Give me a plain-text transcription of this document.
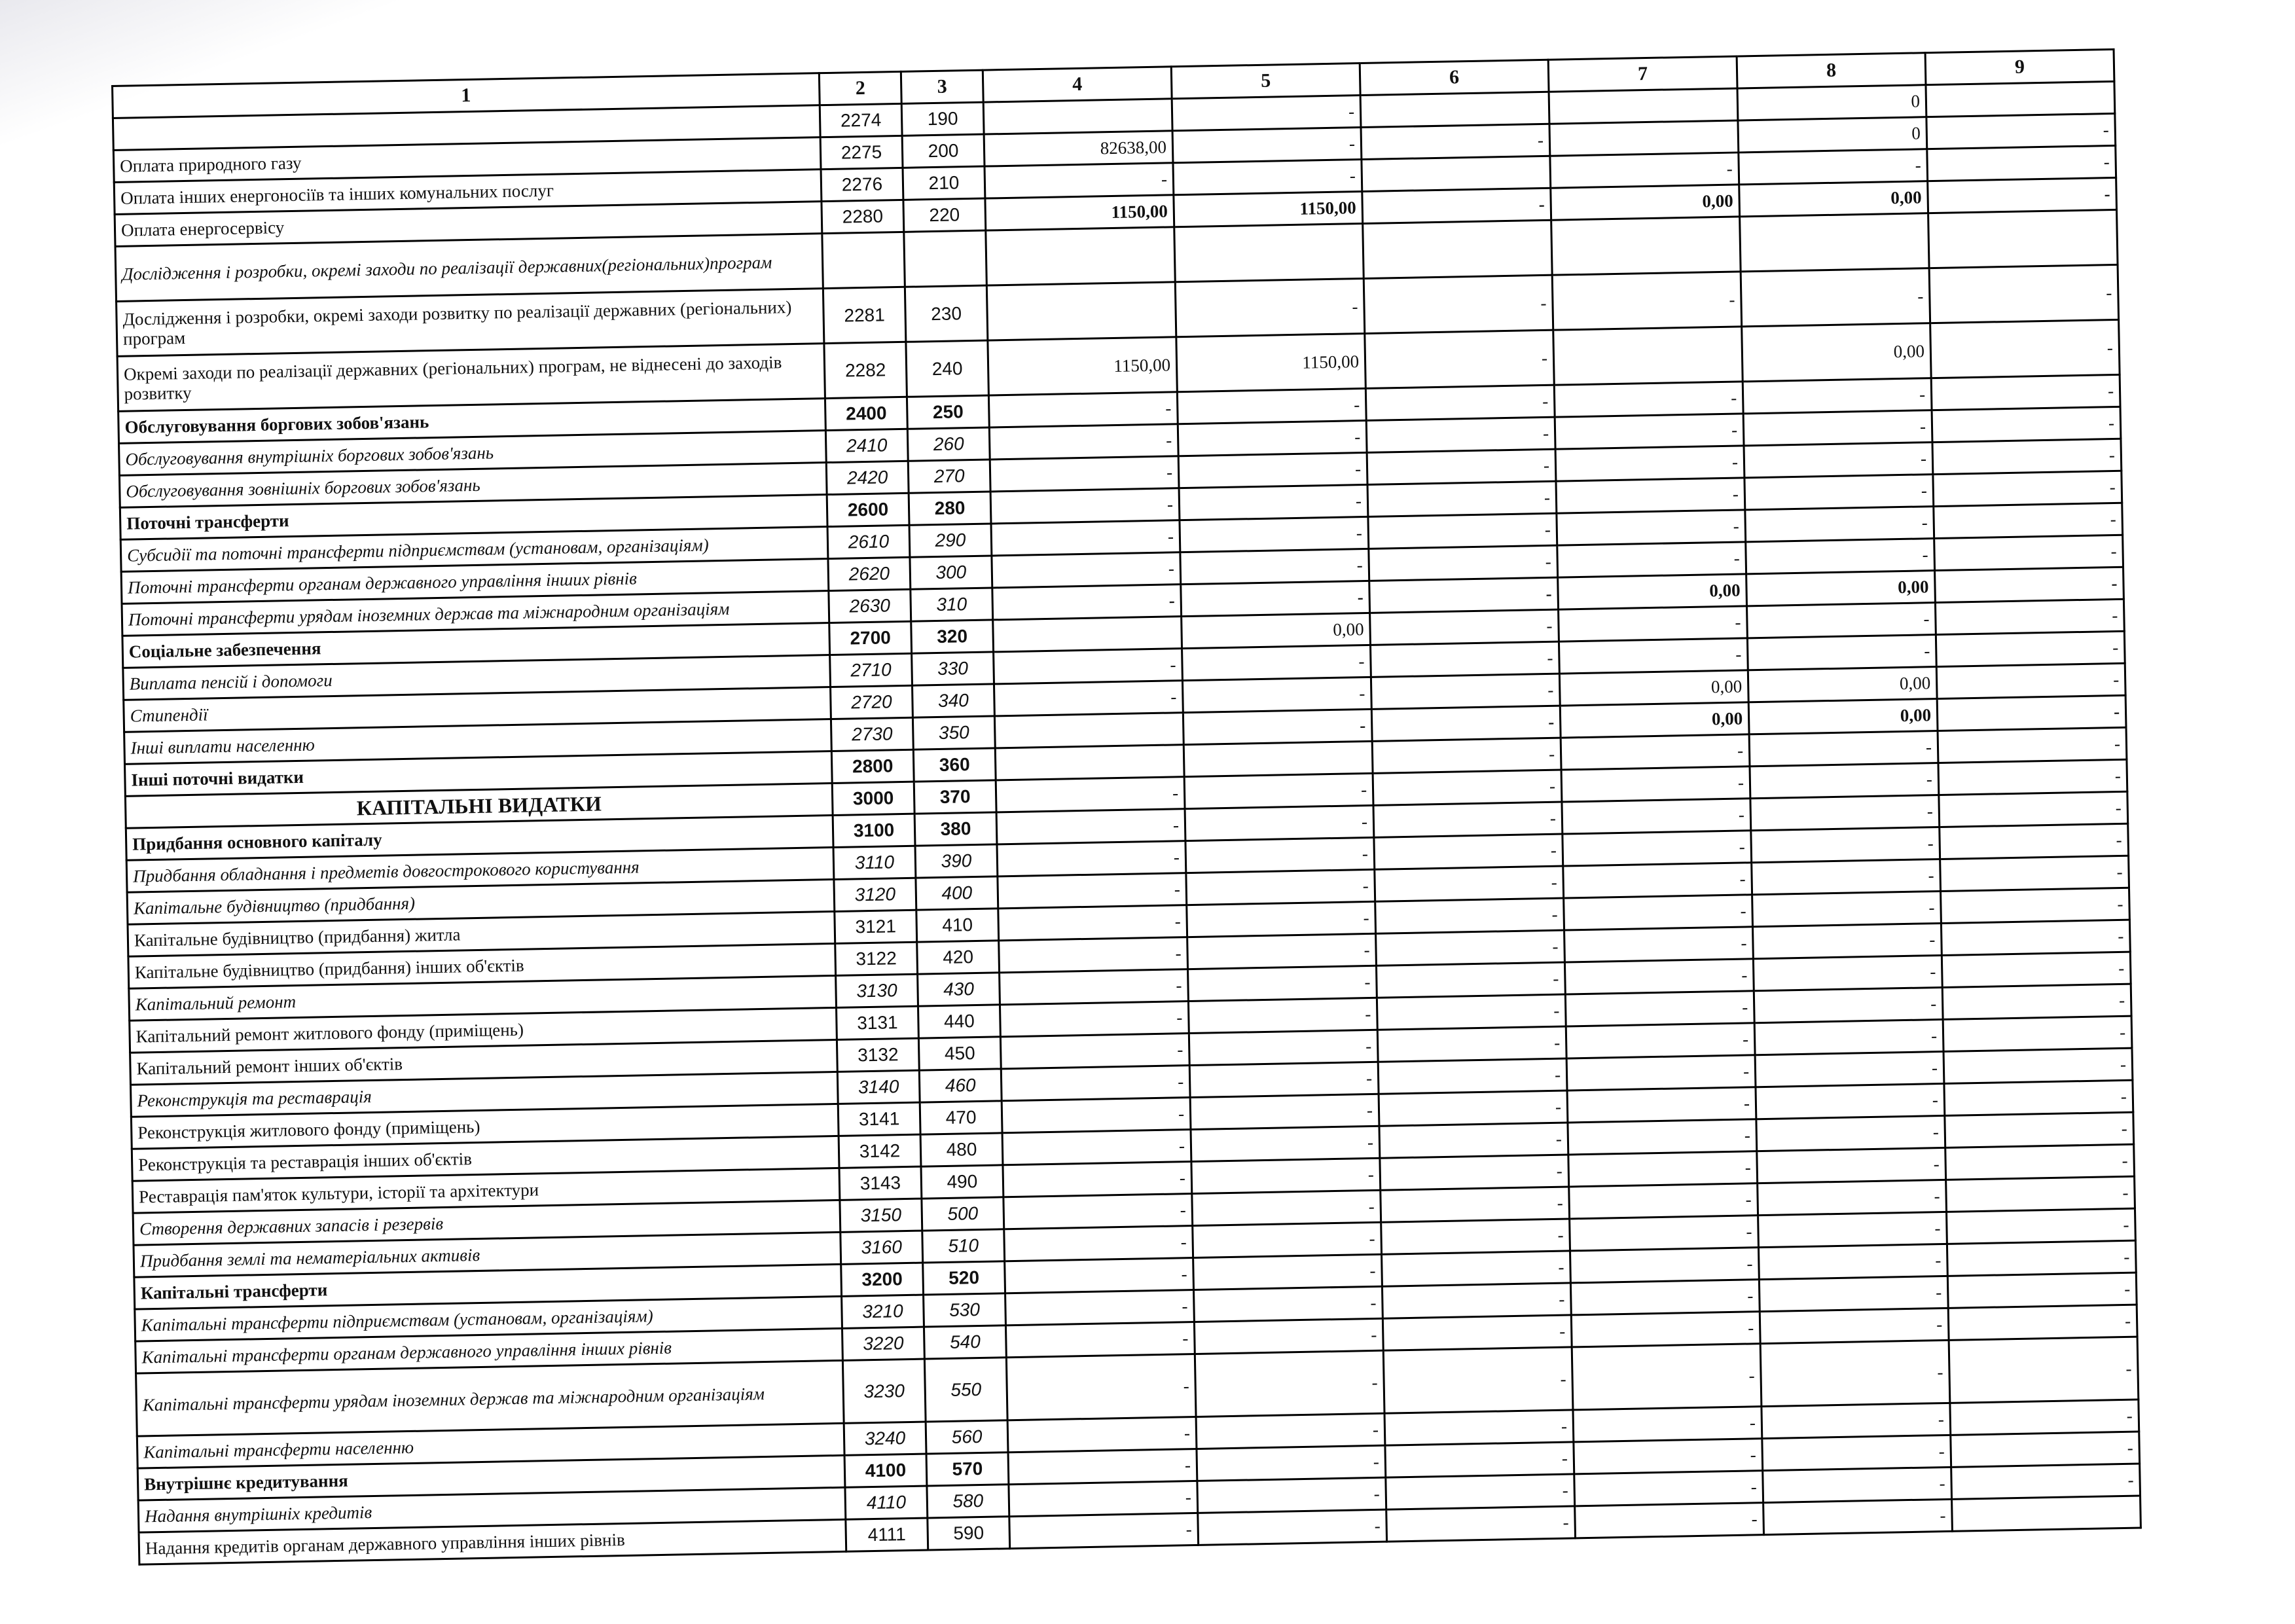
1	2	3	4	5	6	7	8	9
	2274	190		-			0	
Оплата природного газу	2275	200	82638,00	-	-		0	-
Оплата інших енергоносіїв та інших комунальних послуг	2276	210	-	-		-	-	-
Оплата енергосервісу	2280	220	1150,00	1150,00	-	0,00	0,00	-
Дослідження і розробки, окремі заходи по реалізації державних(регіональних)програм								
Дослідження і розробки, окремі заходи розвитку по реалізації державних (регіональних) програм	2281	230		-	-	-	-	-
Окремі заходи по реалізації державних (регіональних) програм, не віднесені до заходів розвитку	2282	240	1150,00	1150,00	-		0,00	-
Обслуговування боргових зобов'язань	2400	250	-	-	-	-	-	-
Обслуговування внутрішніх боргових зобов'язань	2410	260	-	-	-	-	-	-
Обслуговування зовнішніх боргових зобов'язань	2420	270	-	-	-	-	-	-
Поточні трансферти	2600	280	-	-	-	-	-	-
Субсидії та поточні трансферти підприємствам (установам, організаціям)	2610	290	-	-	-	-	-	-
Поточні трансферти органам державного управління інших рівнів	2620	300	-	-	-	-	-	-
Поточні трансферти урядам іноземних держав та міжнародним організаціям	2630	310	-	-	-	0,00	0,00	-
Соціальне забезпечення	2700	320		0,00	-	-	-	-
Виплата пенсій і допомоги	2710	330	-	-	-	-	-	-
Стипендії	2720	340	-	-	-	0,00	0,00	-
Інші виплати населенню	2730	350		-	-	0,00	0,00	-
Інші поточні видатки	2800	360			-	-	-	-
КАПІТАЛЬНІ ВИДАТКИ	3000	370	-	-	-	-	-	-
Придбання основного капіталу	3100	380	-	-	-	-	-	-
Придбання обладнання і предметів довгострокового користування	3110	390	-	-	-	-	-	-
Капітальне будівництво (придбання)	3120	400	-	-	-	-	-	-
Капітальне будівництво (придбання) житла	3121	410	-	-	-	-	-	-
Капітальне будівництво (придбання) інших об'єктів	3122	420	-	-	-	-	-	-
Капітальний ремонт	3130	430	-	-	-	-	-	-
Капітальний ремонт житлового фонду (приміщень)	3131	440	-	-	-	-	-	-
Капітальний ремонт інших об'єктів	3132	450	-	-	-	-	-	-
Реконструкція та реставрація	3140	460	-	-	-	-	-	-
Реконструкція житлового фонду (приміщень)	3141	470	-	-	-	-	-	-
Реконструкція та реставрація інших об'єктів	3142	480	-	-	-	-	-	-
Реставрація пам'яток культури, історії та архітектури	3143	490	-	-	-	-	-	-
Створення державних запасів і резервів	3150	500	-	-	-	-	-	-
Придбання землі та нематеріальних активів	3160	510	-	-	-	-	-	-
Капітальні трансферти	3200	520	-	-	-	-	-	-
Капітальні трансферти підприємствам (установам, організаціям)	3210	530	-	-	-	-	-	-
Капітальні трансферти органам державного управління інших рівнів	3220	540	-	-	-	-	-	-
Капітальні трансферти урядам іноземних держав та міжнародним організаціям	3230	550	-	-	-	-	-	-
Капітальні трансферти населенню	3240	560	-	-	-	-	-	-
Внутрішнє кредитування	4100	570	-	-	-	-	-	-
Надання внутрішніх кредитів	4110	580	-	-	-	-	-	-
Надання кредитів органам державного управління інших рівнів	4111	590	-	-	-	-	-	
